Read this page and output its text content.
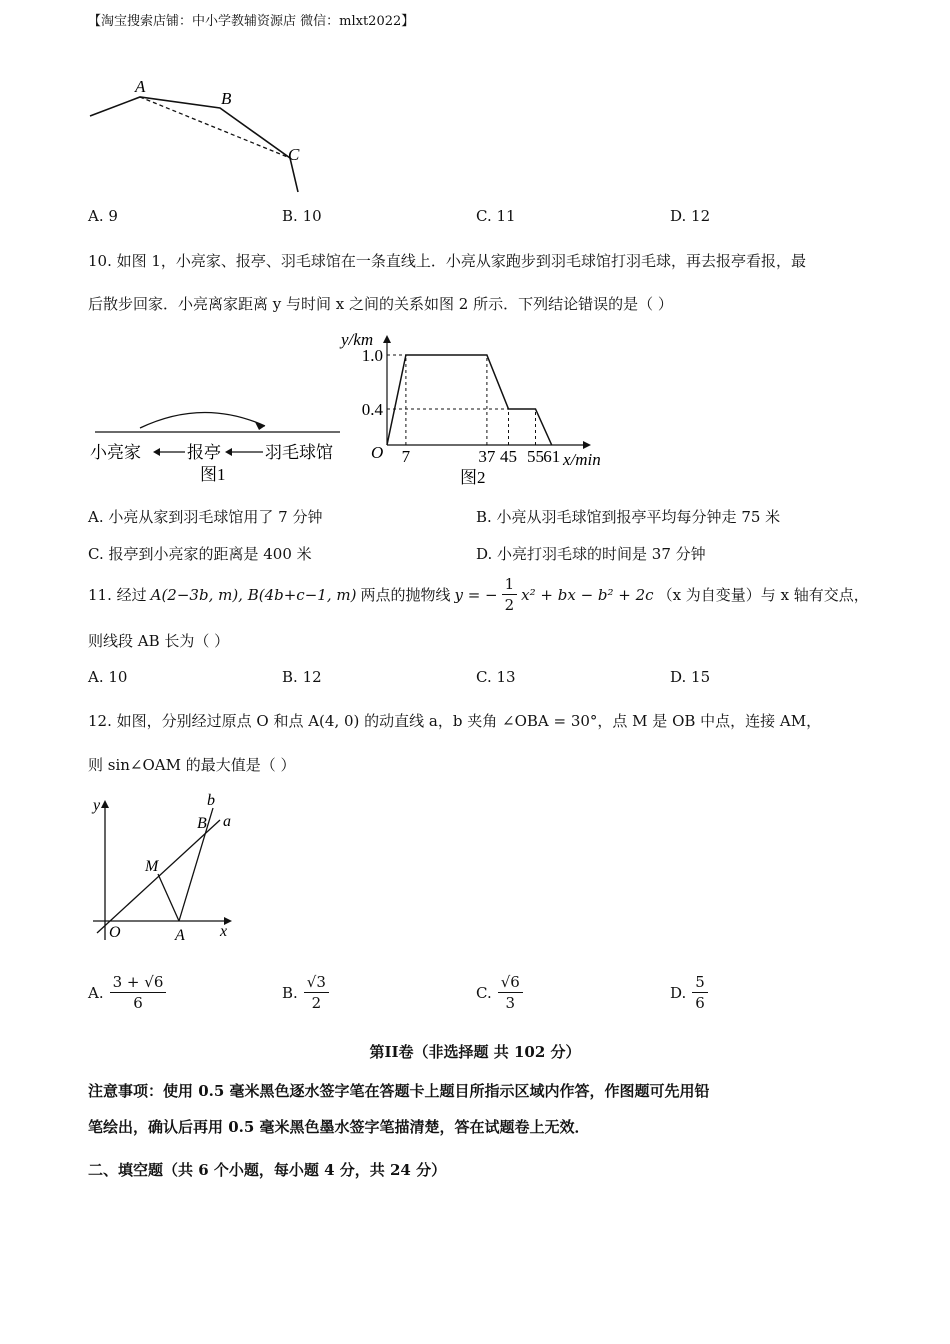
【淘宝搜索店铺：中小学教辅资源店 微信：mlxt2022】
A
B
C
A. 9	B. 10	C. 11	D. 12
10. 如图 1，小亮家、报亭、羽毛球馆在一条直线上．小亮从家跑步到羽毛球馆打羽毛球，再去报亭看报，最
后散步回家．小亮离家距离 y 与时间 x 之间的关系如图 2 所示．下列结论错误的是（ ）
小亮家	报亭	羽毛球馆
图1
y/km
x/min
O
1.0
0.4
7	37 45 55 61
图2
A. 小亮从家到羽毛球馆用了 7 分钟	B. 小亮从羽毛球馆到报亭平均每分钟走 75 米
C. 报亭到小亮家的距离是 400 米	D. 小亮打羽毛球的时间是 37 分钟
11. 经过 A(2−3b, m), B(4b+c−1, m) 两点的抛物线 y = − $\frac{1}{2} x^2$ + bx − b² + 2c （x 为自变量）与 x 轴有交点，
则线段 AB 长为（ ）
A. 10	B. 12	C. 13	D. 15
12. 如图，分别经过原点 O 和点 A(4, 0) 的动直线 a，b 夹角 ∠OBA = 30°，点 M 是 OB 中点，连接 AM，
则 sin∠OAM 的最大值是（ ）
y
x
O	A
M
B a
b
A. $\frac{3 + √6}{6}$	B. $\frac{√3}{2}$	C. $\frac{√6}{3}$	D. $\frac{5}{6}$
第II卷（非选择题 共 102 分）
注意事项：使用 0.5 毫米黑色逐水签字笔在答题卡上题目所指示区域内作答，作图题可先用铅
笔绘出，确认后再用 0.5 毫米黑色墨水签字笔描清楚，答在试题卷上无效．
二、填空题（共 6 个小题，每小题 4 分，共 24 分）
